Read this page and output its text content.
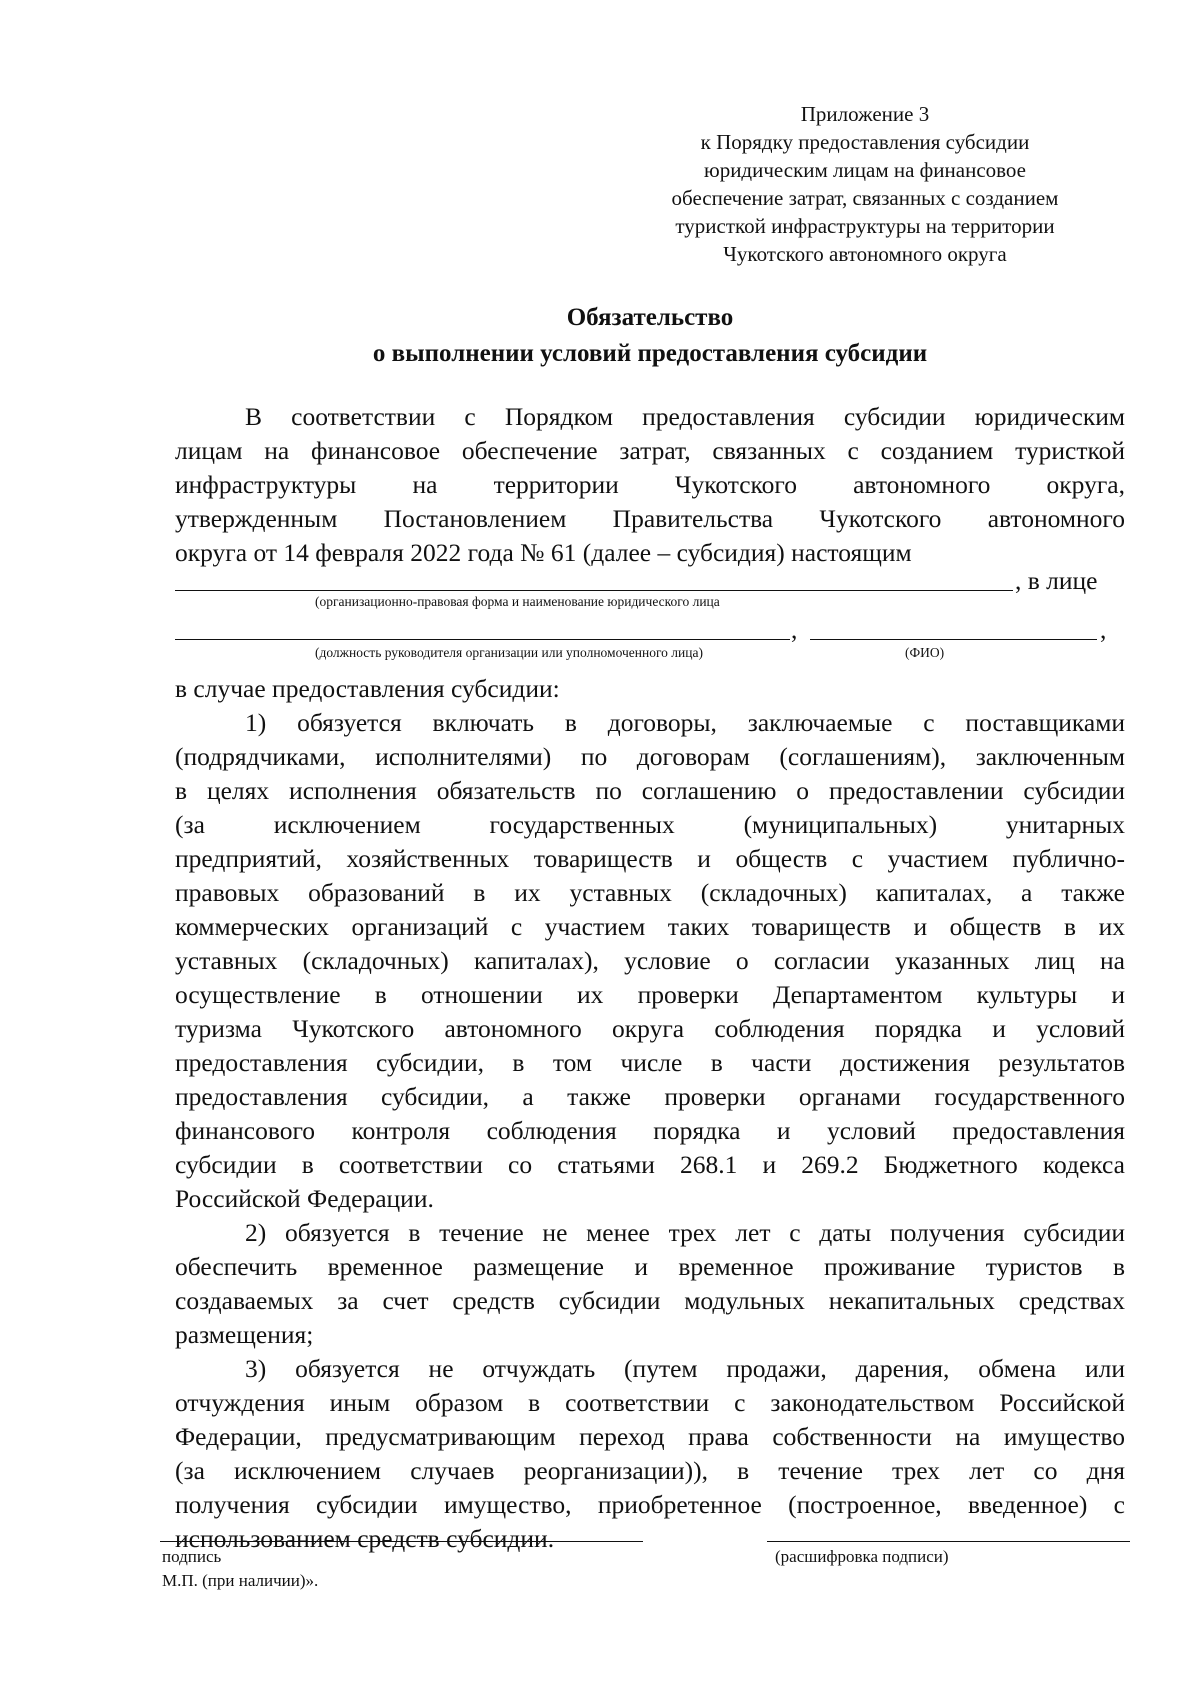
Приложение 3
к Порядку предоставления субсидии
юридическим лицам на финансовое
обеспечение затрат, связанных с созданием
туристкой инфраструктуры на территории
Чукотского автономного округа
Обязательство
о выполнении условий предоставления субсидии
В соответствии с Порядком предоставления субсидии юридическим
лицам на финансовое обеспечение затрат, связанных с созданием туристкой
инфраструктуры на территории Чукотского автономного округа,
утвержденным Постановлением Правительства Чукотского автономного
округа от 14 февраля 2022 года № 61 (далее – субсидия) настоящим
, в лице
(организационно-правовая форма и наименование юридического лица
,	,
(должность руководителя организации или уполномоченного лица)	(ФИО)
в случае предоставления субсидии:
1) обязуется включать в договоры, заключаемые с поставщиками
(подрядчиками, исполнителями) по договорам (соглашениям), заключенным
в целях исполнения обязательств по соглашению о предоставлении субсидии
(за исключением государственных (муниципальных) унитарных
предприятий, хозяйственных товариществ и обществ с участием публично-
правовых образований в их уставных (складочных) капиталах, а также
коммерческих организаций с участием таких товариществ и обществ в их
уставных (складочных) капиталах), условие о согласии указанных лиц на
осуществление в отношении их проверки Департаментом культуры и
туризма Чукотского автономного округа соблюдения порядка и условий
предоставления субсидии, в том числе в части достижения результатов
предоставления субсидии, а также проверки органами государственного
финансового контроля соблюдения порядка и условий предоставления
субсидии в соответствии со статьями 268.1 и 269.2 Бюджетного кодекса
Российской Федерации.
2) обязуется в течение не менее трех лет с даты получения субсидии
обеспечить временное размещение и временное проживание туристов в
создаваемых за счет средств субсидии модульных некапитальных средствах
размещения;
3) обязуется не отчуждать (путем продажи, дарения, обмена или
отчуждения иным образом в соответствии с законодательством Российской
Федерации, предусматривающим переход права собственности на имущество
(за исключением случаев реорганизации)), в течение трех лет со дня
получения субсидии имущество, приобретенное (построенное, введенное) с
использованием средств субсидии.
подпись	(расшифровка подписи)
М.П. (при наличии)».
